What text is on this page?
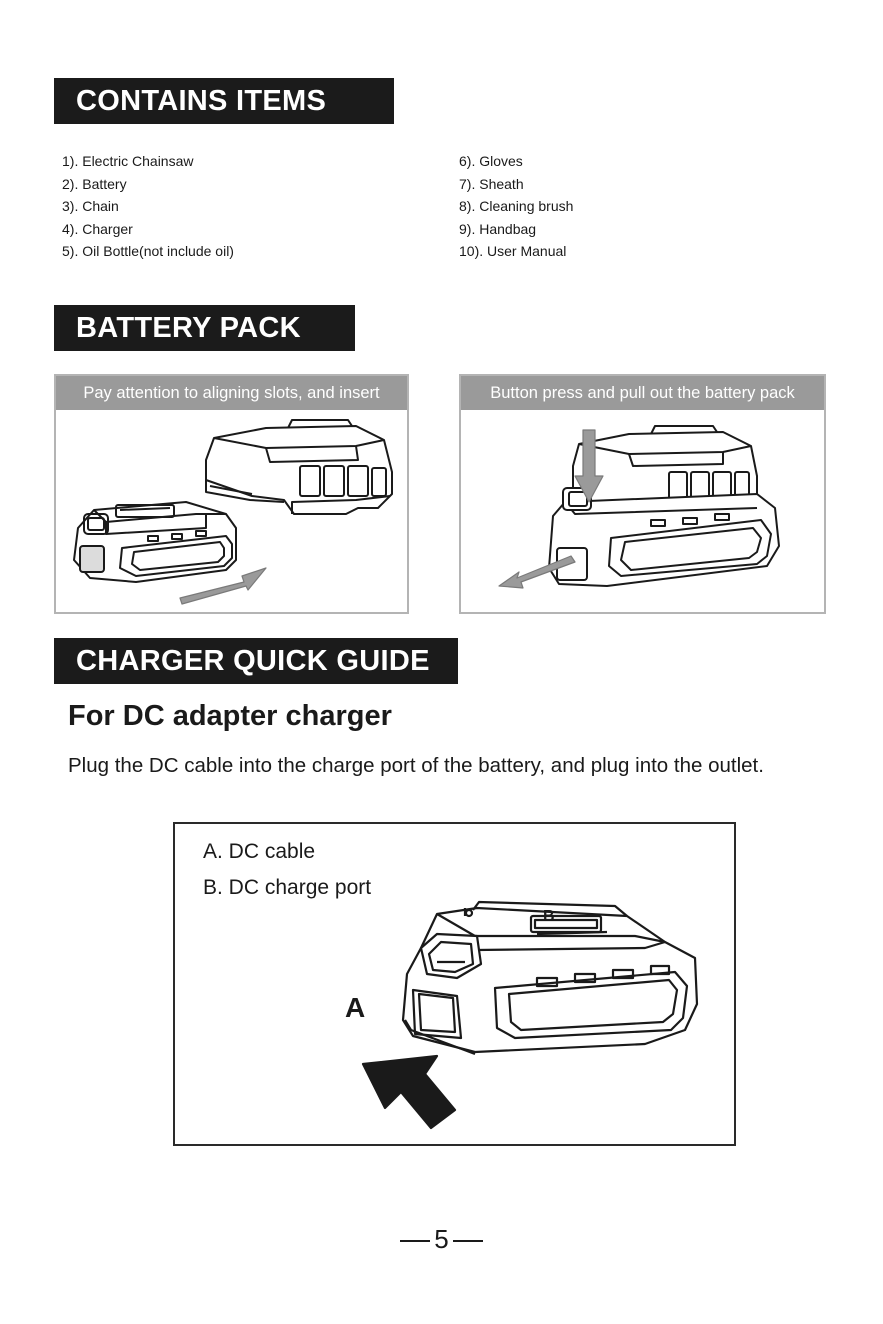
CONTAINS ITEMS
1). Electric Chainsaw
2). Battery
3). Chain
4). Charger
5). Oil Bottle(not include oil)
6). Gloves
7). Sheath
8). Cleaning brush
9). Handbag
10). User Manual
BATTERY PACK
Pay attention to aligning slots, and insert	Button press and pull out the battery pack
CHARGER QUICK GUIDE
For DC adapter charger
Plug the DC cable into the charge port of the battery, and plug into the outlet.
A. DC cable
B. DC charge port
A
B
5
